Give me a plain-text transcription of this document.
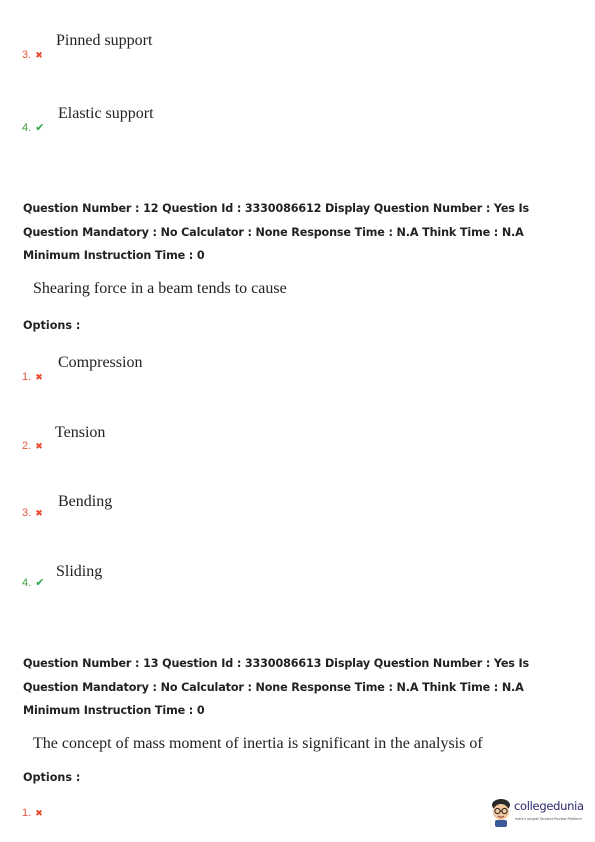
3. ✖
Pinned support
4. ✔
Elastic support
Question Number : 12 Question Id : 3330086612 Display Question Number : Yes Is Question Mandatory : No Calculator : None Response Time : N.A Think Time : N.A Minimum Instruction Time : 0
Shearing force in a beam tends to cause
Options :
1. ✖
Compression
2. ✖
Tension
3. ✖
Bending
4. ✔
Sliding
Question Number : 13 Question Id : 3330086613 Display Question Number : Yes Is Question Mandatory : No Calculator : None Response Time : N.A Think Time : N.A Minimum Instruction Time : 0
The concept of mass moment of inertia is significant in the analysis of
Options :
1. ✖	collegedunia
India's largest Student Review Platform
